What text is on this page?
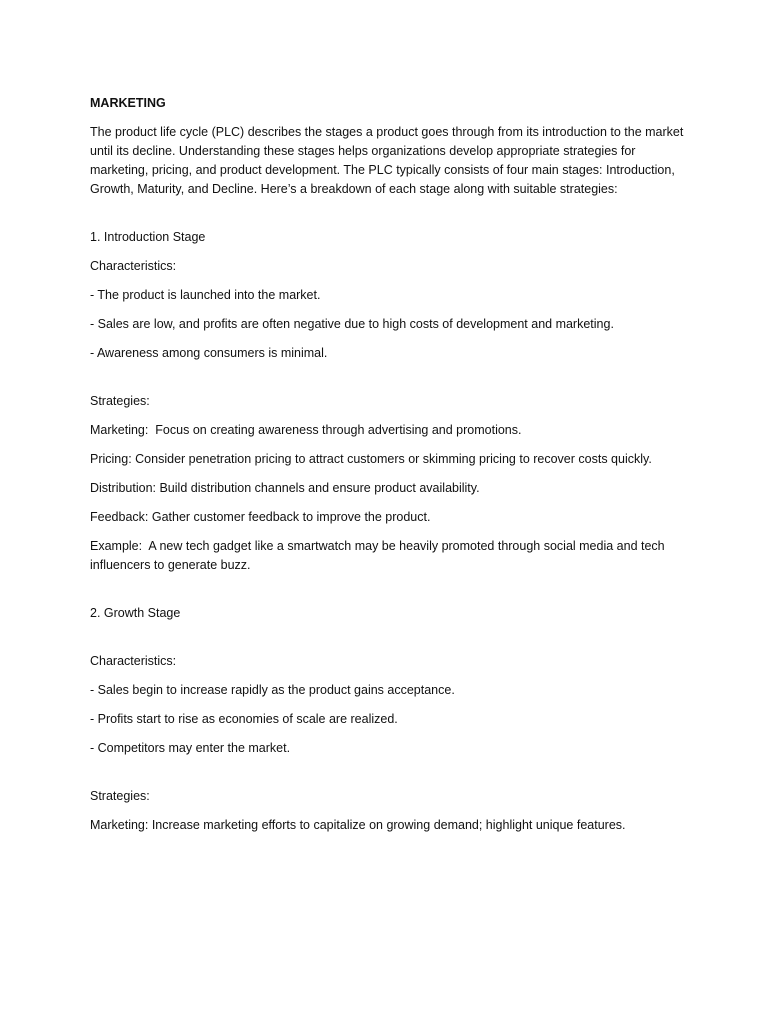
MARKETING

The product life cycle (PLC) describes the stages a product goes through from its introduction to the market until its decline. Understanding these stages helps organizations develop appropriate strategies for marketing, pricing, and product development. The PLC typically consists of four main stages: Introduction, Growth, Maturity, and Decline. Here’s a breakdown of each stage along with suitable strategies:

1. Introduction Stage

Characteristics:

- The product is launched into the market.

- Sales are low, and profits are often negative due to high costs of development and marketing.

- Awareness among consumers is minimal.

Strategies:

Marketing:  Focus on creating awareness through advertising and promotions.

Pricing: Consider penetration pricing to attract customers or skimming pricing to recover costs quickly.

Distribution: Build distribution channels and ensure product availability.

Feedback: Gather customer feedback to improve the product.

Example:  A new tech gadget like a smartwatch may be heavily promoted through social media and tech influencers to generate buzz.

2. Growth Stage

Characteristics:

- Sales begin to increase rapidly as the product gains acceptance.

- Profits start to rise as economies of scale are realized.

- Competitors may enter the market.

Strategies:

Marketing: Increase marketing efforts to capitalize on growing demand; highlight unique features.
